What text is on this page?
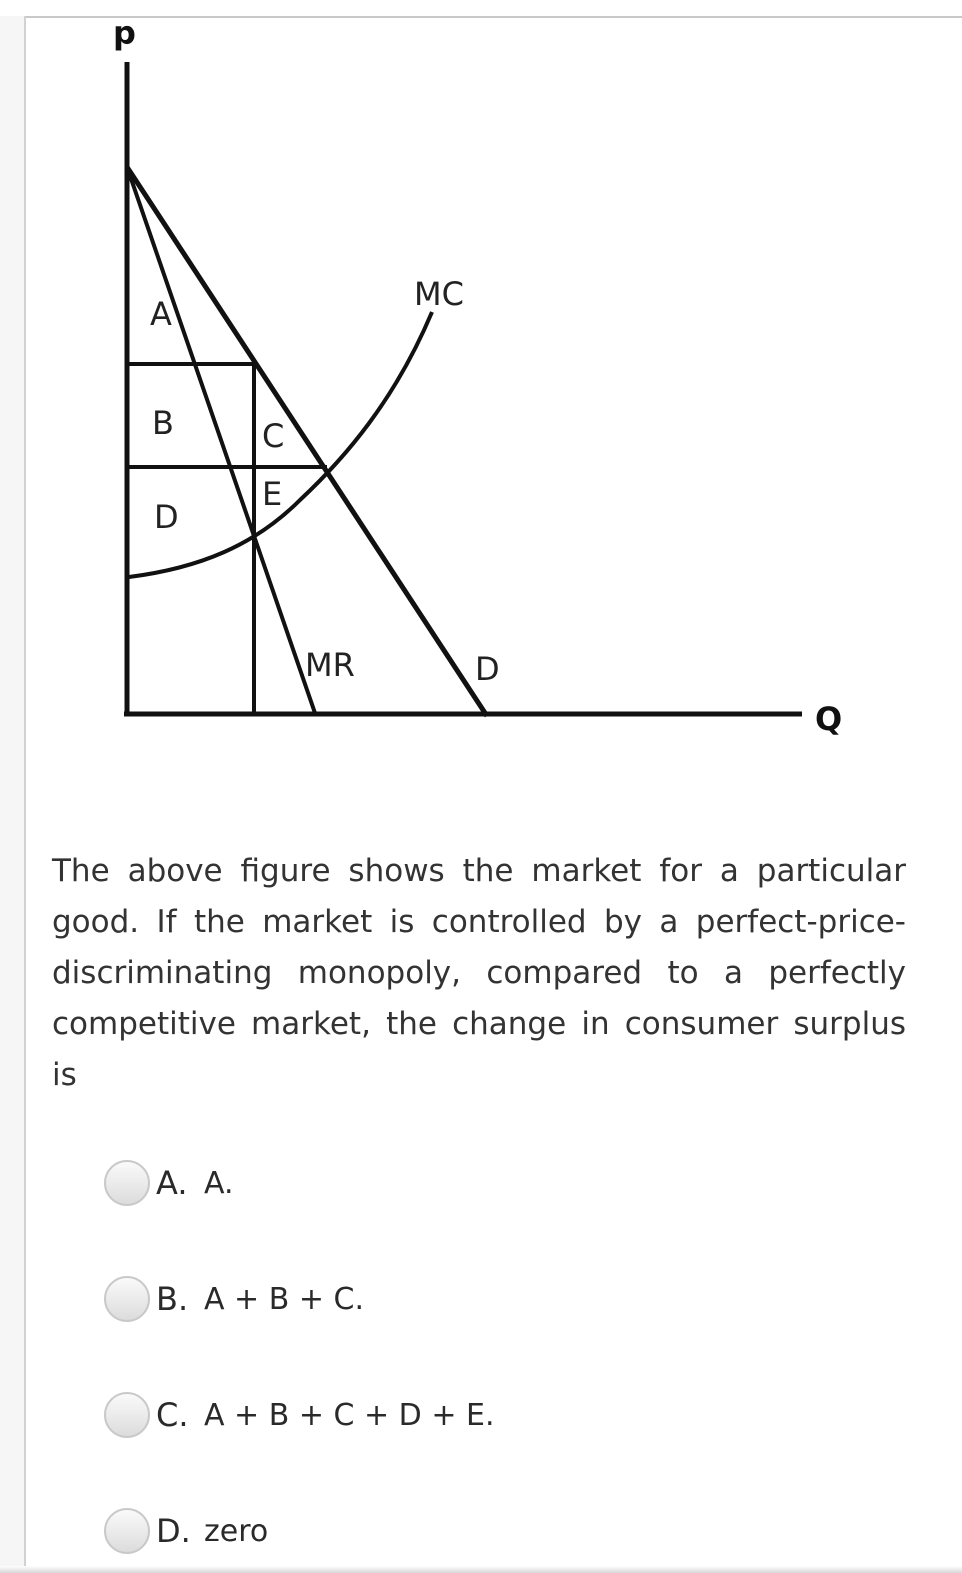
p
Q
A
B	C
D
E
MC
MR	D

The above figure shows the market for a particular good. If the market is controlled by a perfect-price-discriminating monopoly, compared to a perfectly competitive market, the change in consumer surplus is

A. A.
B. A + B + C.
C. A + B + C + D + E.
D. zero
